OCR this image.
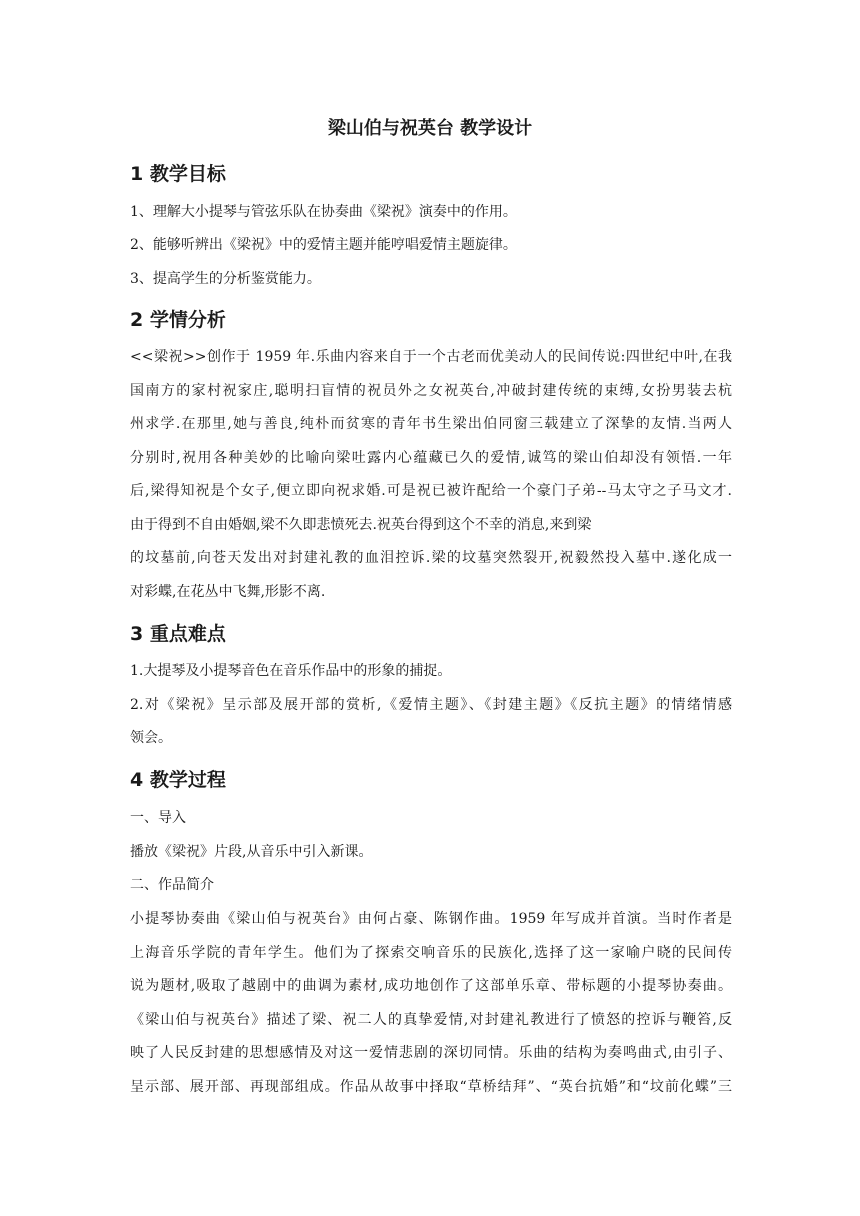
梁山伯与祝英台 教学设计
1 教学目标
1、理解大小提琴与管弦乐队在协奏曲《梁祝》演奏中的作用。
2、能够听辨出《梁祝》中的爱情主题并能哼唱爱情主题旋律。
3、提高学生的分析鉴赏能力。
2 学情分析
<<梁祝>>创作于 1959 年.乐曲内容来自于一个古老而优美动人的民间传说:四世纪中叶,在我
国南方的家村祝家庄,聪明扫盲情的祝员外之女祝英台,冲破封建传统的束缚,女扮男装去杭
州求学.在那里,她与善良,纯朴而贫寒的青年书生梁出伯同窗三载建立了深挚的友情.当两人
分别时,祝用各种美妙的比喻向梁吐露内心蕴藏已久的爱情,诚笃的梁山伯却没有领悟.一年
后,梁得知祝是个女子,便立即向祝求婚.可是祝已被许配给一个豪门子弟--马太守之子马文才.
由于得到不自由婚姻,梁不久即悲愤死去.祝英台得到这个不幸的消息,来到梁
的坟墓前,向苍天发出对封建礼教的血泪控诉.梁的坟墓突然裂开,祝毅然投入墓中.遂化成一
对彩蝶,在花丛中飞舞,形影不离.
3 重点难点
1.大提琴及小提琴音色在音乐作品中的形象的捕捉。
2.对《梁祝》呈示部及展开部的赏析,《爱情主题》、《封建主题》《反抗主题》的情绪情感
领会。
4 教学过程
一、导入
播放《梁祝》片段,从音乐中引入新课。
二、作品简介
小提琴协奏曲《梁山伯与祝英台》由何占豪、陈钢作曲。1959 年写成并首演。当时作者是
上海音乐学院的青年学生。他们为了探索交响音乐的民族化,选择了这一家喻户晓的民间传
说为题材,吸取了越剧中的曲调为素材,成功地创作了这部单乐章、带标题的小提琴协奏曲。
《梁山伯与祝英台》描述了梁、祝二人的真挚爱情,对封建礼教进行了愤怒的控诉与鞭笞,反
映了人民反封建的思想感情及对这一爱情悲剧的深切同情。乐曲的结构为奏鸣曲式,由引子、
呈示部、展开部、再现部组成。作品从故事中择取“草桥结拜”、“英台抗婚”和“坟前化蝶”三
